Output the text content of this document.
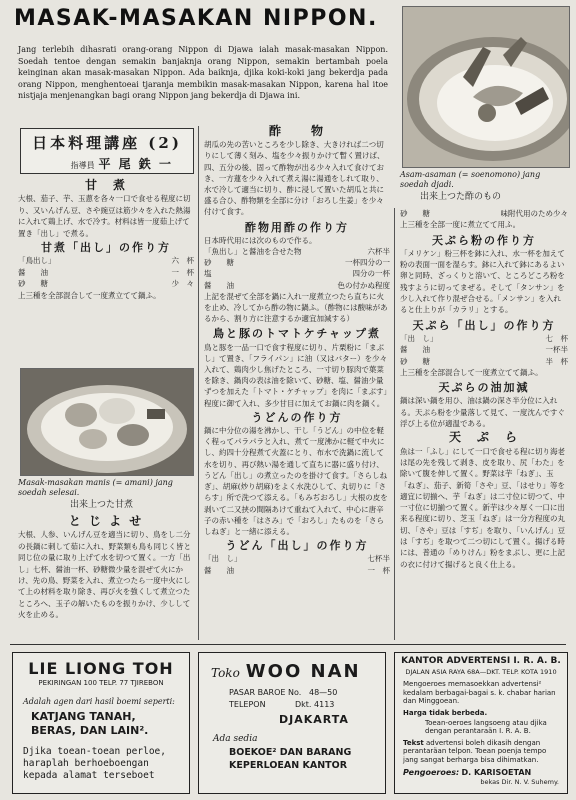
MASAK-MASAKAN NIPPON.
Jang terlebih dihasrati orang-orang Nippon di Djawa ialah masak-masakan Nippon. Soedah tentoe dengan semakin banjaknja orang Nippon, semakin bertambah poela keinginan akan masak-masakan Nippon. Ada baiknja, djika koki-koki jang bekerdja pada orang Nippon, menghentoeai tjaranja membikin masak-masakan Nippon, karena hal itoe nistjaja menjenangkan bagi orang Nippon jang bekerdja di Djawa ini.
Asam-asaman (= soenomono) jang soedah djadi.
出来上つた酢のもの
日本料理講座 (2)
指導員 平 尾 鉄 一
甘　煮
大根、茄子、芋、玉蔥を各々一口で食せる程度に切り、又いんげん豆、さや豌豆は筋少々を入れた熱湯に入れて鶏上げ、水で冷す。材料は皆一度茹上げて置き「出し」で煮る。
甘煮「出し」の作り方
「鳥出し」	六　杯
醤　　油	一　杯
砂　　糖	少　々
上三種を全部混合して一度煮立てて鍋ふ。
Masak-masakan manis (= amani) jang soedah selesai.
出来上つた甘煮
と じ よ せ
大根、人参、いんげん豆を適当に切り、鳥をし二分の長鍋に刺して茹に入れ、野菜類も鳥も同じく皆と同じ位の量に取り上げて水を切つて置く。一方「出し」七杯、醤油一杯、砂糖微少量を混ぜて火にかけ、先の鳥、野菜を入れ、煮立つたら一度中火にして上の材料を取り除き、再び火を強くして煮立つたところへ、玉子の解いたものを振りかけ、少しして火を止める。
酢　　物
胡瓜の先の苦いところを少し除き、大きければ二つ切りにして薄く刻み、塩を少々振りかけて暫く置けば、四、五分の後、固って酢物が出る少々入れて食けておき、一方蓮を少々入れて煮え湯に湯通をしれて取り、水で冷して適当に切り、酢に浸して置いた胡瓜と共に盛る合ひ、酢物類を全部に分け「おろし生姜」を少々付けて食す。
酢物用酢の作り方
日本時代用には次のもので作る。
「魚出し」と醤油を合せた物	六杯半
砂　　糖	一杯四分の一
塩	四分の一杯
醤　　油	色の付かぬ程度
上記を混ぜて全部を鍋に入れ一度煮立つたら直ちに火を止め、冷してから酢の物に鍋ふ。（酢物には酸味があるから、割り方に注意するか適宜加減する）
鳥と豚のトマトケチャップ煮
鳥と豚を一品一口で食す程度に切り、片栗粉に「まぶし」て置き、「フライパン」に油（又はバター）を少々入れて、鶏肉少し焦げたところ、一寸切り豚肉で葉菜を除き、鍋肉の表は油を除いて、砂糖、塩、醤油少量ずつを加えた「トマト・ケチャップ」を肉に「まぶす」程度に御て入れ、多少甘目に加えてお鍋に肉を鍋く。
うどんの作り方
鍋に中分位の湯を沸かし、干し「うどん」の中位を軽く程ってパラパラと入れ、煮て一度沸かに軽て中火にし、約四十分程煮て火蓋にとり、布水で洗鍋に流して水を切り、再び熱い湯を通して直ちに器に盛り付け、うどん「出し」の煮立ったのを掛けて食す。「さらしねぎ」、胡麻(炒り胡麻)をよく水洗ひして、丸切りに「さらす」所で洗つて添える。「もみぢおろし」大根の皮を剥いて二又挟の間隔あけて重ねて入れて、中心に唐辛子の赤い種を「はさみ」で「おろし」たものを「さらしねぎ」と一緒に添える。
うどん「出し」の作り方
「出　し」	七杯半
醤　　油	一　杯
砂　　糖	味附代用のため少々
上三種を全部一度に煮立てて用ふ。
天ぷら粉の作り方
「メリケン」粉三杯を鉢に入れ、水一杯を加えて粉の表面一面を湿らす。鉢に入れて鉢にあるよい卵と同時、ざっくりと溶いて、ところどころ粉を残すように切ってまぜる。そして「タンサン」を少し入れて作り混ぜ合せる。「メンサン」を入れると仕上りが「カラリ」とする。
天ぷら「出し」の作り方
「出　し」	七　杯
醤　　油	一杯半
砂　　糖	半　杯
上三種を全部混合して一度煮立てて鍋ふ。
天ぷらの油加減
鍋は深い鍋を用ひ、油は鍋の深さ半分位に入れる。天ぷら粉を少量落して見て、一度沈んですぐ浮び上る位が適温である。
天　ぷ　ら
魚は一「ふし」にして一口で食せる程に切り海老は尾の先を残して剥き、皮を取り、尻「わた」を除いて腹を伸して置く。野菜は芋「ねぎ」、玉「ねぎ」、茄子、新筍「さや」豆、「はせり」等を適宜に切揃へ、芋「ねぎ」は二寸位に切つて、中一寸位に切揃つて置く。新芋は少々厚く一口に出来る程度に切り、芝玉「ねぎ」は一分方程度の丸切、「さや」豆は「すぢ」を取り、「いんげん」豆は「すぢ」を取つて二つ切にして置く。揚げる時には、普通の「めりけん」粉をまぶし、更に上記の衣に付けて揚げると良く仕上る。
LIE LIONG TOH
PEKIRINGAN 100 TELP. 77 TJIREBON
Adalah agen dari hasil boemi seperti:
KATJANG TANAH,
BERAS, DAN LAIN².
Djika toean-toean perloe,
haraplah berhoeboengan
kepada alamat terseboet
Toko WOO NAN
PASAR BAROE No. 48—50
TELEPON	Dkt. 4113
DJAKARTA
Ada sedia
BOEKOE² DAN BARANG
KEPERLOEAN KANTOR
KANTOR ADVERTENSI I. R. A. B.
DJALAN ASIA RAYA 68A—DKT. TELP. KOTA 1910
Mengoeroes memasoekkan advertensi² kedalam berbagai-bagai s. k. chabar harian dan Minggoean.
Harga tidak berbeda.
Toean-oeroes langsoeng atau djika dengan perantaraän I. R. A. B.
Tekst advertensi boleh dikasih dengan perantaräan telpon. Toean poenja tempo jang sangat berharga bisa dihimatkan.
Pengoeroes: D. KARISOETAN
bekas Dir. N. V. Suhemy.
